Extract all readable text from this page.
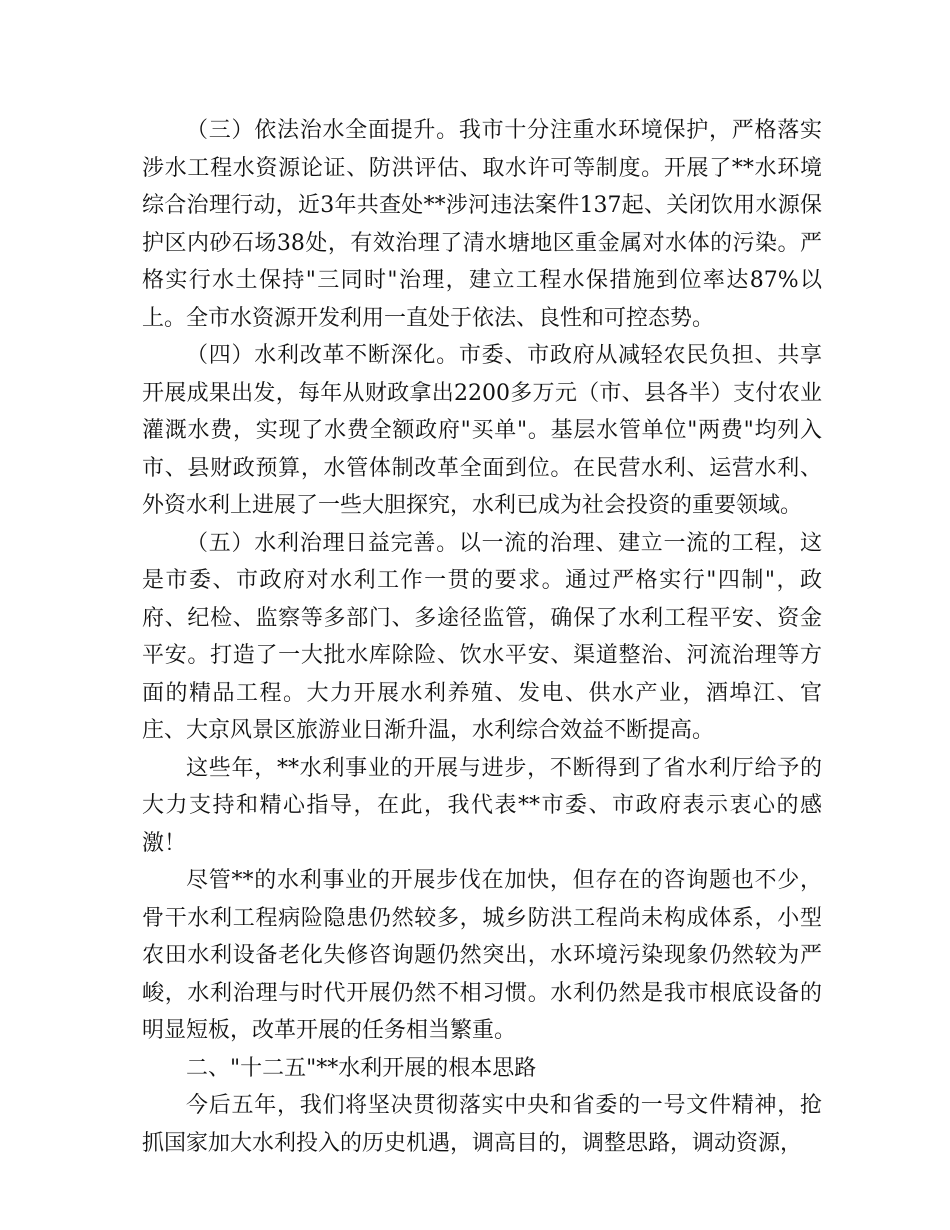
（三）依法治水全面提升。我市十分注重水环境保护，严格落实涉水工程水资源论证、防洪评估、取水许可等制度。开展了**水环境综合治理行动，近3年共查处**涉河违法案件137起、关闭饮用水源保护区内砂石场38处，有效治理了清水塘地区重金属对水体的污染。严格实行水土保持"三同时"治理，建立工程水保措施到位率达87%以上。全市水资源开发利用一直处于依法、良性和可控态势。

（四）水利改革不断深化。市委、市政府从减轻农民负担、共享开展成果出发，每年从财政拿出2200多万元（市、县各半）支付农业灌溉水费，实现了水费全额政府"买单"。基层水管单位"两费"均列入市、县财政预算，水管体制改革全面到位。在民营水利、运营水利、外资水利上进展了一些大胆探究，水利已成为社会投资的重要领域。

（五）水利治理日益完善。以一流的治理、建立一流的工程，这是市委、市政府对水利工作一贯的要求。通过严格实行"四制"，政府、纪检、监察等多部门、多途径监管，确保了水利工程平安、资金平安。打造了一大批水库除险、饮水平安、渠道整治、河流治理等方面的精品工程。大力开展水利养殖、发电、供水产业，酒埠江、官庄、大京风景区旅游业日渐升温，水利综合效益不断提高。

这些年，**水利事业的开展与进步，不断得到了省水利厅给予的大力支持和精心指导，在此，我代表**市委、市政府表示衷心的感激！

尽管**的水利事业的开展步伐在加快，但存在的咨询题也不少，骨干水利工程病险隐患仍然较多，城乡防洪工程尚未构成体系，小型农田水利设备老化失修咨询题仍然突出，水环境污染现象仍然较为严峻，水利治理与时代开展仍然不相习惯。水利仍然是我市根底设备的明显短板，改革开展的任务相当繁重。

二、"十二五"**水利开展的根本思路

今后五年，我们将坚决贯彻落实中央和省委的一号文件精神，抢抓国家加大水利投入的历史机遇，调高目的，调整思路，调动资源，
